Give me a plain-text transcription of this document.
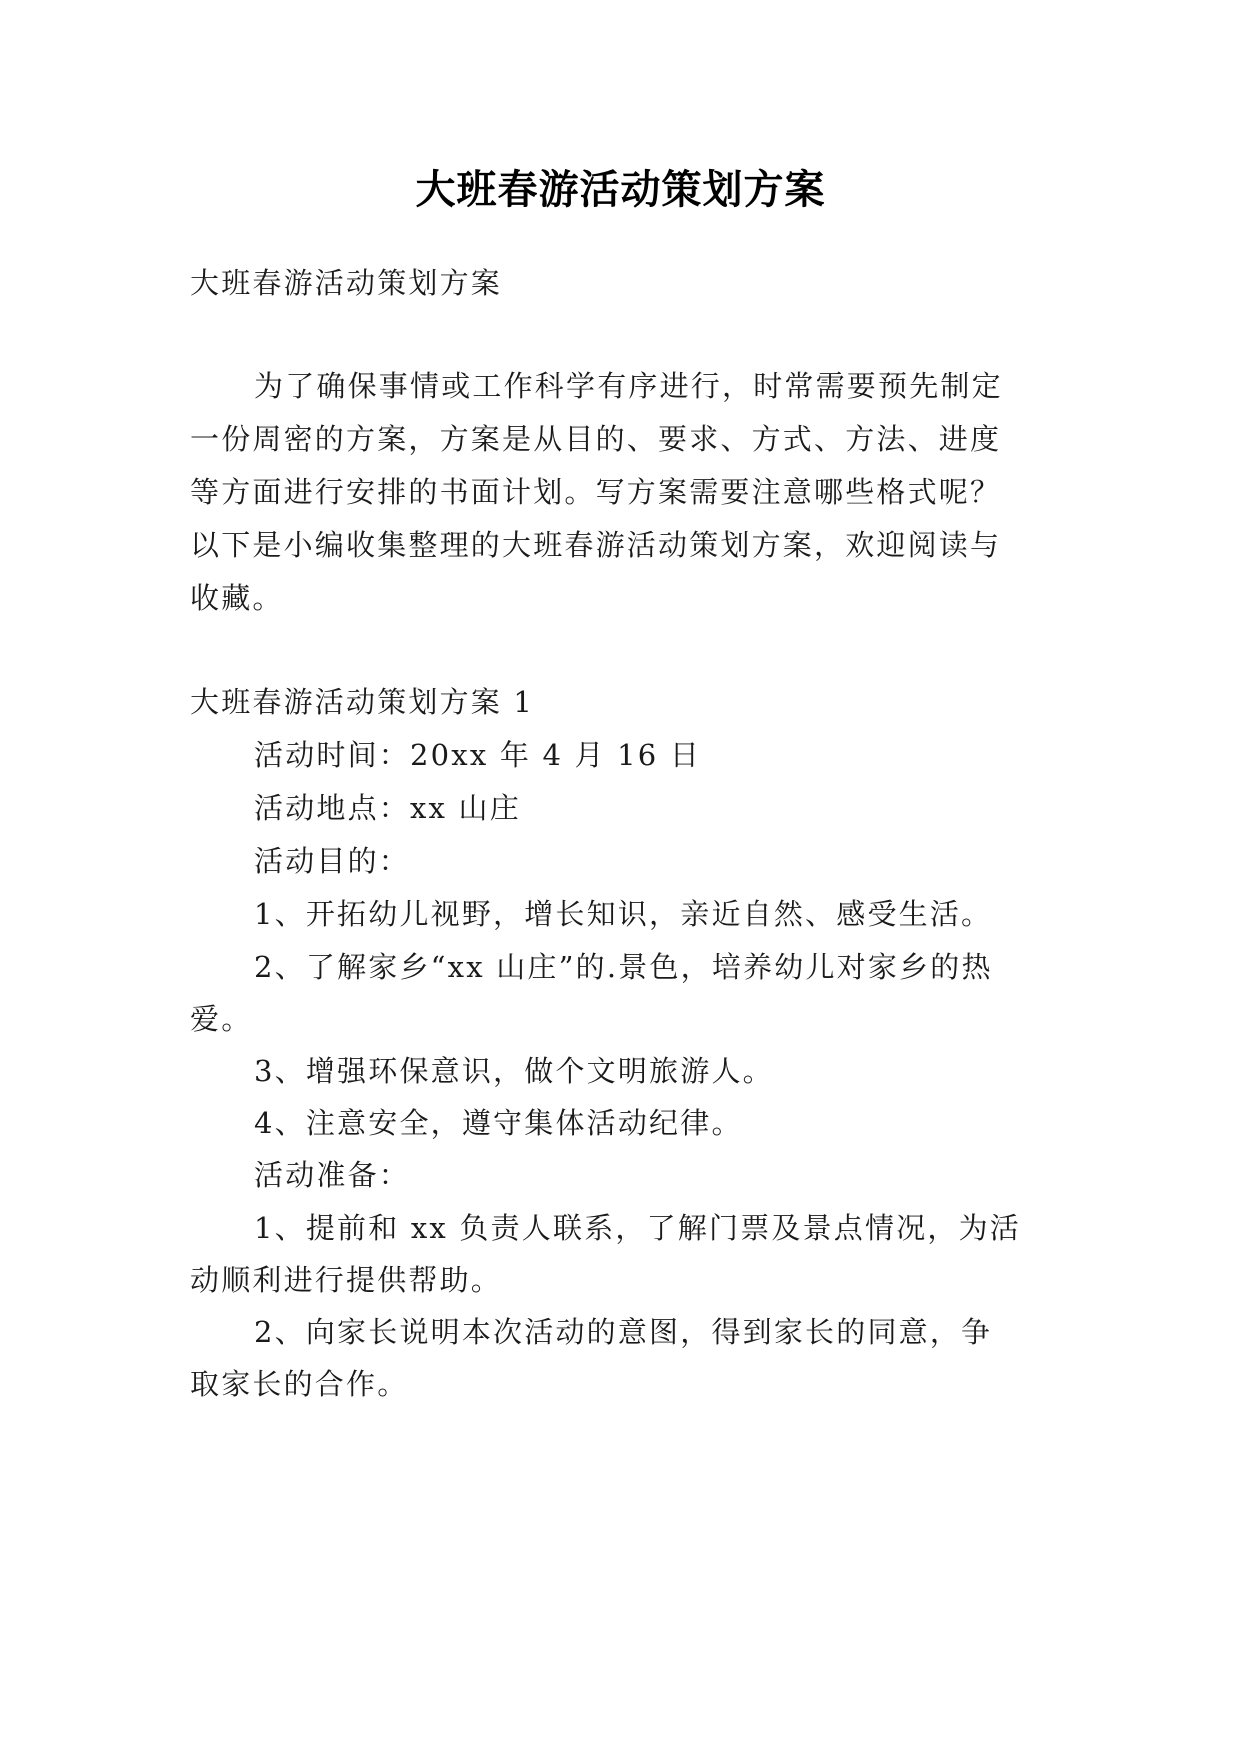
大班春游活动策划方案
大班春游活动策划方案
为了确保事情或工作科学有序进行，时常需要预先制定
一份周密的方案，方案是从目的、要求、方式、方法、进度
等方面进行安排的书面计划。写方案需要注意哪些格式呢？
以下是小编收集整理的大班春游活动策划方案，欢迎阅读与
收藏。
大班春游活动策划方案 1
活动时间：20xx 年 4 月 16 日
活动地点：xx 山庄
活动目的：
1、开拓幼儿视野，增长知识，亲近自然、感受生活。
2、了解家乡“xx 山庄”的.景色，培养幼儿对家乡的热
爱。
3、增强环保意识，做个文明旅游人。
4、注意安全，遵守集体活动纪律。
活动准备：
1、提前和 xx 负责人联系，了解门票及景点情况，为活
动顺利进行提供帮助。
2、向家长说明本次活动的意图，得到家长的同意，争
取家长的合作。
